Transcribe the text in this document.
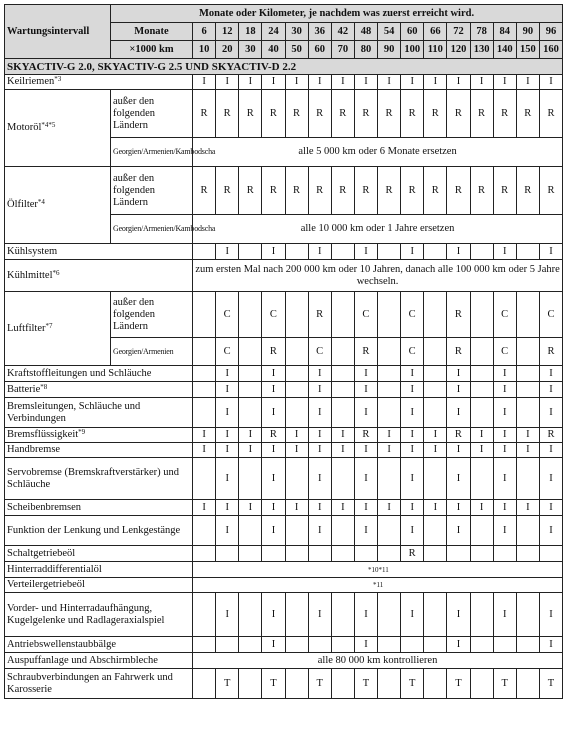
Wartungsintervall	Monate oder Kilometer, je nachdem was zuerst erreicht wird.																
	Monate	6	12	18	24	30	36	42	48	54	60	66	72	78	84	90	96
	×1000 km	10	20	30	40	50	60	70	80	90	100	110	120	130	140	150	160
SKYACTIV-G 2.0, SKYACTIV-G 2.5 UND SKYACTIV-D 2.2																	
Keilriemen$^{*3}$		I	I	I	I	I	I	I	I	I	I	I	I	I	I	I	I
Motoröl$^{*4*5}$	außer den folgenden Ländern	R	R	R	R	R	R	R	R	R	R	R	R	R	R	R	R
	Georgien/Armenien/Kambodscha	alle 5 000 km oder 6 Monate ersetzen															
Ölfilter$^{*4}$	außer den folgenden Ländern	R	R	R	R	R	R	R	R	R	R	R	R	R	R	R	R
	Georgien/Armenien/Kambodscha	alle 10 000 km oder 1 Jahre ersetzen															
Kühlsystem			I		I		I		I		I		I		I		I
Kühlmittel$^{*6}$		zum ersten Mal nach 200 000 km oder 10 Jahren, danach alle 100 000 km oder 5 Jahre wechseln.															
Luftfilter$^{*7}$	außer den folgenden Ländern		C		C		R		C		C		R		C		C
	Georgien/Armenien		C		R		C		R		C		R		C		R
Kraftstoffleitungen und Schläuche			I		I		I		I		I		I		I		I
Batterie$^{*8}$			I		I		I		I		I		I		I		I
Bremsleitungen, Schläuche und Verbindungen			I		I		I		I		I		I		I		I
Bremsflüssigkeit$^{*9}$		I	I	I	R	I	I	I	R	I	I	I	R	I	I	I	R
Handbremse		I	I	I	I	I	I	I	I	I	I	I	I	I	I	I	I
Servobremse (Bremskraftverstärker) und Schläuche			I		I		I		I		I		I		I		I
Scheibenbremsen		I	I	I	I	I	I	I	I	I	I	I	I	I	I	I	I
Funktion der Lenkung und Lenkgestänge			I		I		I		I		I		I		I		I
Schaltgetriebeöl											R						
Hinterraddifferentialöl		*10*11															
Verteilergetriebeöl		*11															
Vorder- und Hinterradaufhängung, Kugelgelenke und Radlageraxialspiel			I		I		I		I		I		I		I		I
Antriebswellenstaubbälge					I				I				I				I
Auspuffanlage und Abschirmbleche		alle 80 000 km kontrollieren															
Schraubverbindungen an Fahrwerk und Karosserie			T		T		T		T		T		T		T		T
